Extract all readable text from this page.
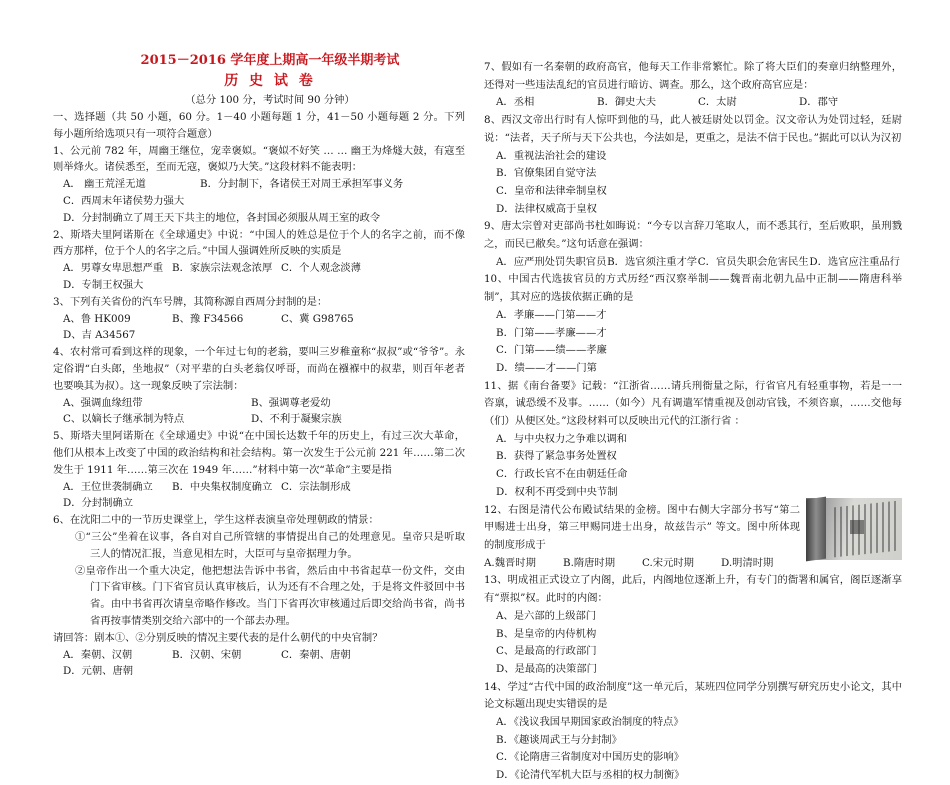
2015－2016 学年度上期高一年级半期考试
历 史 试 卷
（总分 100 分，考试时间 90 分钟）

一、选择题（共 50 小题，60 分。1－40 小题每题 1 分，41－50 小题每题 2 分。下列每小题所给选项只有一项符合题意）

1、公元前 782 年，周幽王继位，宠幸褒姒。“褒姒不好笑 … … 幽王为烽燧大鼓，有寇至则举烽火。诸侯悉至，至而无寇，褒姒乃大笑。”这段材料不能表明：

A． 幽王荒淫无道	B．分封制下，各诸侯王对周王承担军事义务
C．西周末年诸侯势力强大
D．分封制确立了周王天下共主的地位，各封国必须服从周王室的政令

2、斯塔夫里阿诺斯在《全球通史》中说：“中国人的姓总是位于个人的名字之前，而不像西方那样，位于个人的名字之后。”中国人强调姓所反映的实质是

A．男尊女卑思想严重 B．家族宗法观念浓厚 C．个人观念淡薄
D．专制王权强大

3、下列有关省份的汽车号牌，其简称源自西周分封制的是：

A、鲁 HK009	B、豫 F34566	C、冀 G98765
D、吉 A34567

4、农村常可看到这样的现象，一个年过七旬的老翁，要叫三岁稚童称“叔叔”或“爷爷”。永定俗谓“白头郎，坐地叔”（对平辈的白头老翁仅呼哥，而尚在襁褓中的叔辈，则百年老者也要唤其为叔）。这一现象反映了宗法制：

A、强调血缘纽带	B、强调尊老爱幼
C、以嫡长子继承制为特点	D、不利于凝聚宗族

5、斯塔夫里阿诺斯在《全球通史》中说“在中国长达数千年的历史上，有过三次大革命，他们从根本上改变了中国的政治结构和社会结构。第一次发生于公元前 221 年……第二次发生于 1911 年……第三次在 1949 年……”材料中第一次“革命”主要是指

A．王位世袭制确立	B．中央集权制度确立 C．宗法制形成
D．分封制确立

6、在沈阳二中的一节历史课堂上，学生这样表演皇帝处理朝政的情景：

①“三公”坐着在议事，各自对自己所管辖的事情提出自己的处理意见。皇帝只是听取三人的情况汇报，当意见相左时，大臣可与皇帝据理力争。

②皇帝作出一个重大决定，他把想法告诉中书省，然后由中书省起草一份文件，交由门下省审核。门下省官员认真审核后，认为还有不合理之处，于是将文件驳回中书省。由中书省再次请皇帝略作修改。当门下省再次审核通过后即交给尚书省，尚书省再按事情类别交给六部中的一个部去办理。

请回答：剧本①、②分别反映的情况主要代表的是什么朝代的中央官制？

A．秦朝、汉朝	B．汉朝、宋朝	C．秦朝、唐朝
D．元朝、唐朝

7、假如有一名秦朝的政府高官，他每天工作非常繁忙。除了将大臣们的奏章归纳整理外，还得对一些违法乱纪的官员进行暗访、调查。那么，这个政府高官应是：

A．丞相	B．御史大夫	C．太尉	D．郡守

8、西汉文帝出行时有人惊吓到他的马，此人被廷尉处以罚金。汉文帝认为处罚过轻，廷尉说：“法者，天子所与天下公共也，今法如是，更重之，是法不信于民也。”据此可以认为汉初

A．重视法治社会的建设
B．官僚集团自觉守法
C．皇帝和法律牵制皇权
D．法律权威高于皇权

9、唐太宗曾对吏部尚书杜如晦说：“今专以言辞刀笔取人，而不悉其行，至后败职，虽刑戮之，而民已敝矣。”这句话意在强调：

A．应严刑处罚失职官员 B．选官须注重才学 C．官员失职会危害民生 D．选官应注重品行

10、中国古代选拔官员的方式历经“西汉察举制——魏晋南北朝九品中正制——隋唐科举制”，其对应的选拔依据正确的是

A．孝廉——门第——才
B．门第——孝廉——才
C．门第——绩——孝廉
D．绩——才——门第

11、据《南台备要》记载：“江浙省……请兵刑衙量之际，行省官凡有轻重事物，若是一一咨禀，诚恐缓不及事。……（如今）凡有调遣军情重视及创动官钱，不须咨禀，……交他每（们）从便区处。”这段材料可以反映出元代的江浙行省 ：

A．与中央权力之争难以调和
B．获得了紧急事务处置权
C．行政长官不在由朝廷任命
D．权利不再受到中央节制

12、右图是清代公布殿试结果的金榜。图中右侧大字部分书写“第二甲赐进士出身，第三甲赐同进士出身，故兹告示” 等文。图中所体现的制度形成于

A.魏晋时期	B.隋唐时期	C.宋元时期	D.明清时期

13、明成祖正式设立了内阁，此后，内阁地位逐渐上升，有专门的衙署和属官，阁臣逐渐享有“票拟”权。此时的内阁：

A、是六部的上级部门
B、是皇帝的内侍机构
C、是最高的行政部门
D、是最高的决策部门

14、学过“古代中国的政治制度”这一单元后，某班四位同学分别撰写研究历史小论文，其中论文标题出现史实错误的是

A．《浅议我国早期国家政治制度的特点》
B．《趣谈周武王与分封制》
C．《论隋唐三省制度对中国历史的影响》
D．《论清代军机大臣与丞相的权力制衡》
